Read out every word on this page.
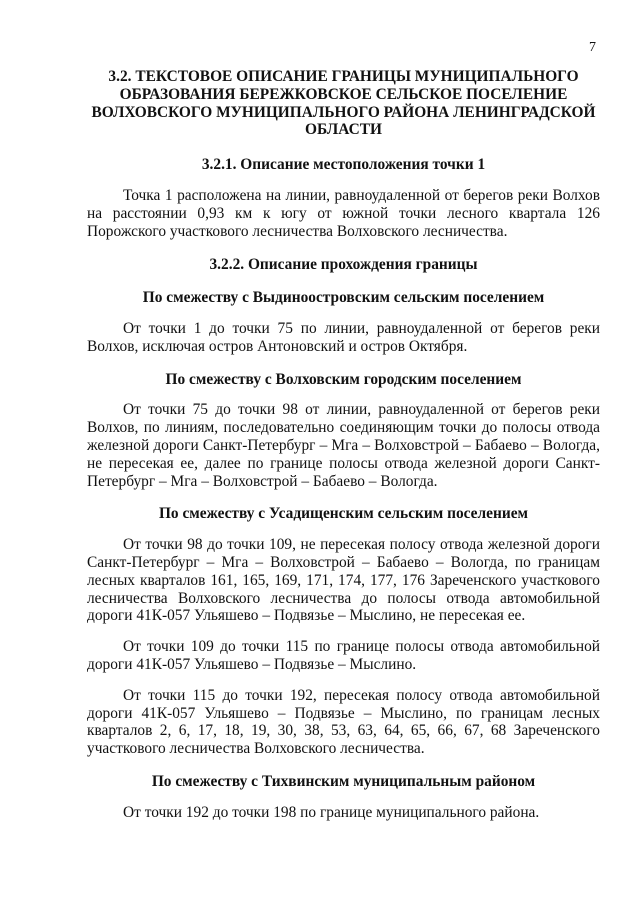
7
3.2. ТЕКСТОВОЕ ОПИСАНИЕ ГРАНИЦЫ МУНИЦИПАЛЬНОГО ОБРАЗОВАНИЯ БЕРЕЖКОВСКОЕ СЕЛЬСКОЕ ПОСЕЛЕНИЕ ВОЛХОВСКОГО МУНИЦИПАЛЬНОГО РАЙОНА ЛЕНИНГРАДСКОЙ ОБЛАСТИ
3.2.1. Описание местоположения точки 1

Точка 1 расположена на линии, равноудаленной от берегов реки Волхов на расстоянии 0,93 км к югу от южной точки лесного квартала 126 Порожского участкового лесничества Волховского лесничества.

3.2.2. Описание прохождения границы
По смежеству с Выдиноостровским сельским поселением

От точки 1 до точки 75 по линии, равноудаленной от берегов реки Волхов, исключая остров Антоновский и остров Октября.

По смежеству с Волховским городским поселением

От точки 75 до точки 98 от линии, равноудаленной от берегов реки Волхов, по линиям, последовательно соединяющим точки до полосы отвода железной дороги Санкт-Петербург – Мга – Волховстрой – Бабаево – Вологда, не пересекая ее, далее по границе полосы отвода железной дороги Санкт-Петербург – Мга – Волховстрой – Бабаево – Вологда.

По смежеству с Усадищенским сельским поселением

От точки 98 до точки 109, не пересекая полосу отвода железной дороги Санкт-Петербург – Мга – Волховстрой – Бабаево – Вологда, по границам лесных кварталов 161, 165, 169, 171, 174, 177, 176 Зареченского участкового лесничества Волховского лесничества до полосы отвода автомобильной дороги 41К-057 Ульяшево – Подвязье – Мыслино, не пересекая ее.

От точки 109 до точки 115 по границе полосы отвода автомобильной дороги 41К-057 Ульяшево – Подвязье – Мыслино.

От точки 115 до точки 192, пересекая полосу отвода автомобильной дороги 41К-057 Ульяшево – Подвязье – Мыслино, по границам лесных кварталов 2, 6, 17, 18, 19, 30, 38, 53, 63, 64, 65, 66, 67, 68 Зареченского участкового лесничества Волховского лесничества.

По смежеству с Тихвинским муниципальным районом

От точки 192 до точки 198 по границе муниципального района.
